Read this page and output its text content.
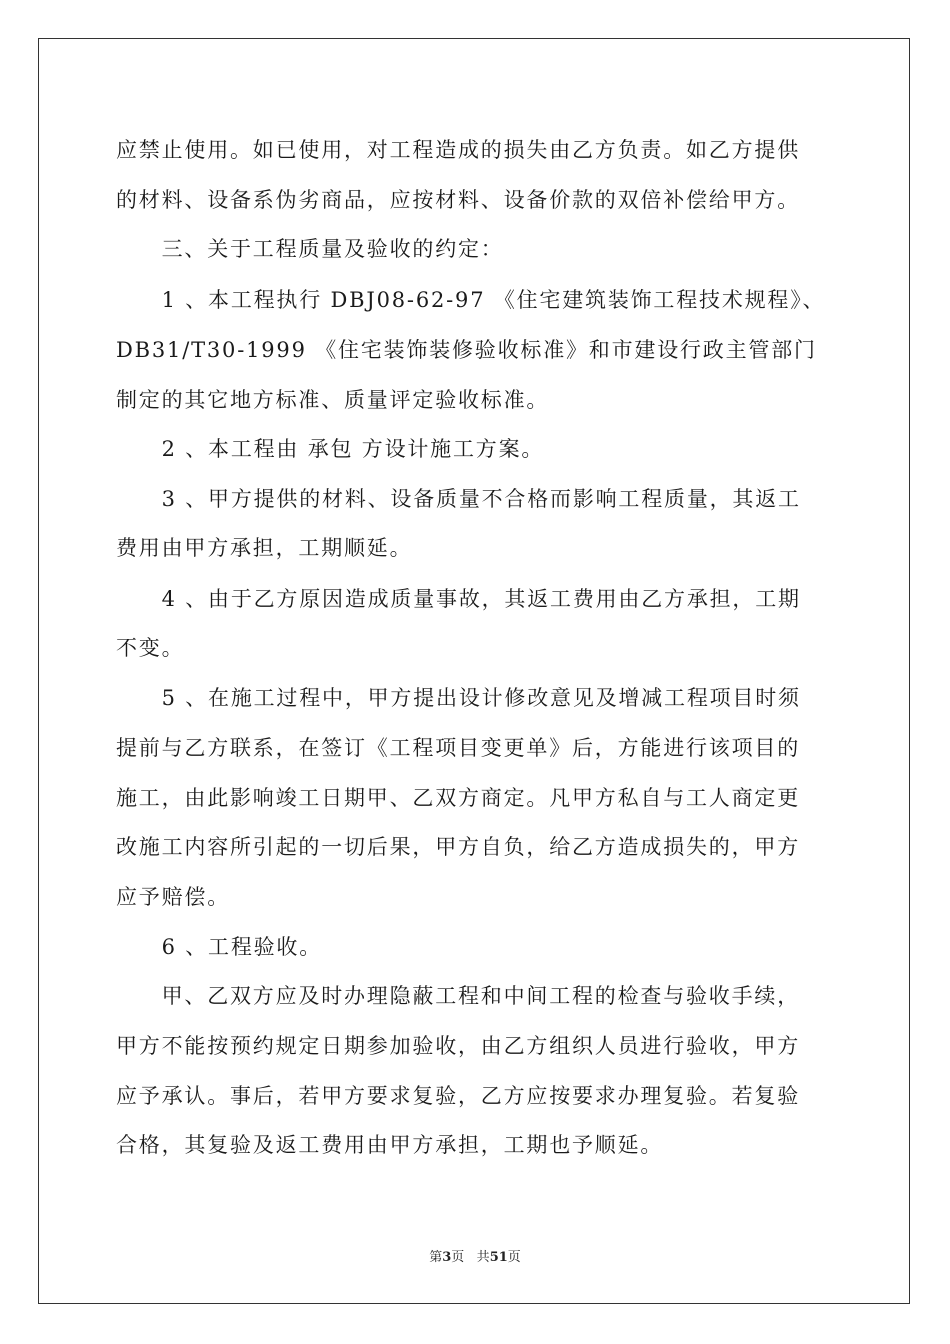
应禁止使用。如已使用，对工程造成的损失由乙方负责。如乙方提供
的材料、设备系伪劣商品，应按材料、设备价款的双倍补偿给甲方。
　　三、关于工程质量及验收的约定：
　　1 、本工程执行 DBJ08-62-97 《住宅建筑装饰工程技术规程》、
DB31/T30-1999 《住宅装饰装修验收标准》和市建设行政主管部门
制定的其它地方标准、质量评定验收标准。
　　2 、本工程由 承包 方设计施工方案。
　　3 、甲方提供的材料、设备质量不合格而影响工程质量，其返工
费用由甲方承担，工期顺延。
　　4 、由于乙方原因造成质量事故，其返工费用由乙方承担，工期
不变。
　　5 、在施工过程中，甲方提出设计修改意见及增减工程项目时须
提前与乙方联系，在签订《工程项目变更单》后，方能进行该项目的
施工，由此影响竣工日期甲、乙双方商定。凡甲方私自与工人商定更
改施工内容所引起的一切后果，甲方自负，给乙方造成损失的，甲方
应予赔偿。
　　6 、工程验收。
　　甲、乙双方应及时办理隐蔽工程和中间工程的检查与验收手续，
甲方不能按预约规定日期参加验收，由乙方组织人员进行验收，甲方
应予承认。事后，若甲方要求复验，乙方应按要求办理复验。若复验
合格，其复验及返工费用由甲方承担，工期也予顺延。
第3页 共51页
